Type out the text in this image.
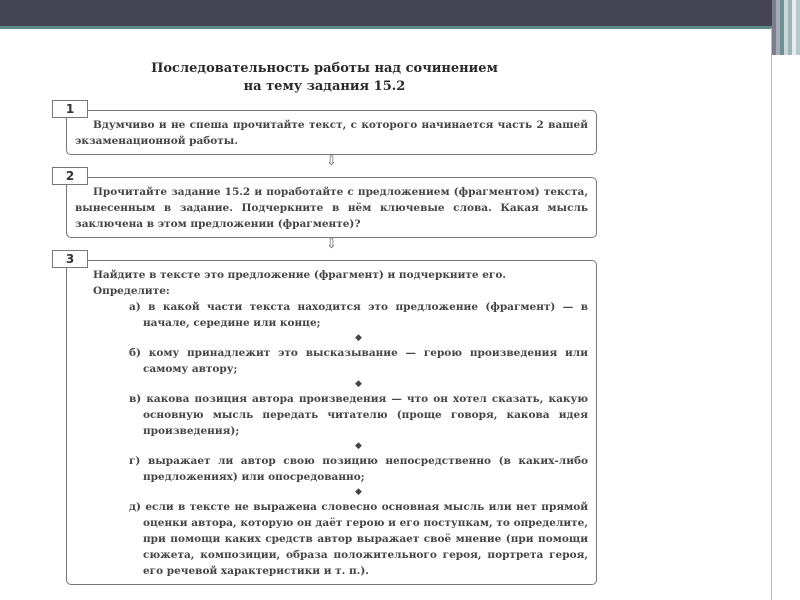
Последовательность работы над сочинением
на тему задания 15.2
1

Вдумчиво и не спеша прочитайте текст, с которого начинается часть 2 вашей экзаменационной работы.

⇩
2

Прочитайте задание 15.2 и поработайте с предложением (фрагментом) текста, вынесенным в задание. Подчеркните в нём ключевые слова. Какая мысль заключена в этом предложении (фрагменте)?

⇩
3

Найдите в тексте это предложение (фрагмент) и подчеркните его.

Определите:
а) в какой части текста находится это предложение (фрагмент) — в начале, середине или конце;
◆
б) кому принадлежит это высказывание — герою произведения или самому автору;
◆
в) какова позиция автора произведения — что он хотел сказать, какую основную мысль передать читателю (проще говоря, какова идея произведения);
◆
г) выражает ли автор свою позицию непосредственно (в каких-либо предложениях) или опосредованно;
◆
д) если в тексте не выражена словесно основная мысль или нет прямой оценки автора, которую он даёт герою и его поступкам, то определите, при помощи каких средств автор выражает своё мнение (при помощи сюжета, композиции, образа положительного героя, портрета героя, его речевой характеристики и т. п.).
